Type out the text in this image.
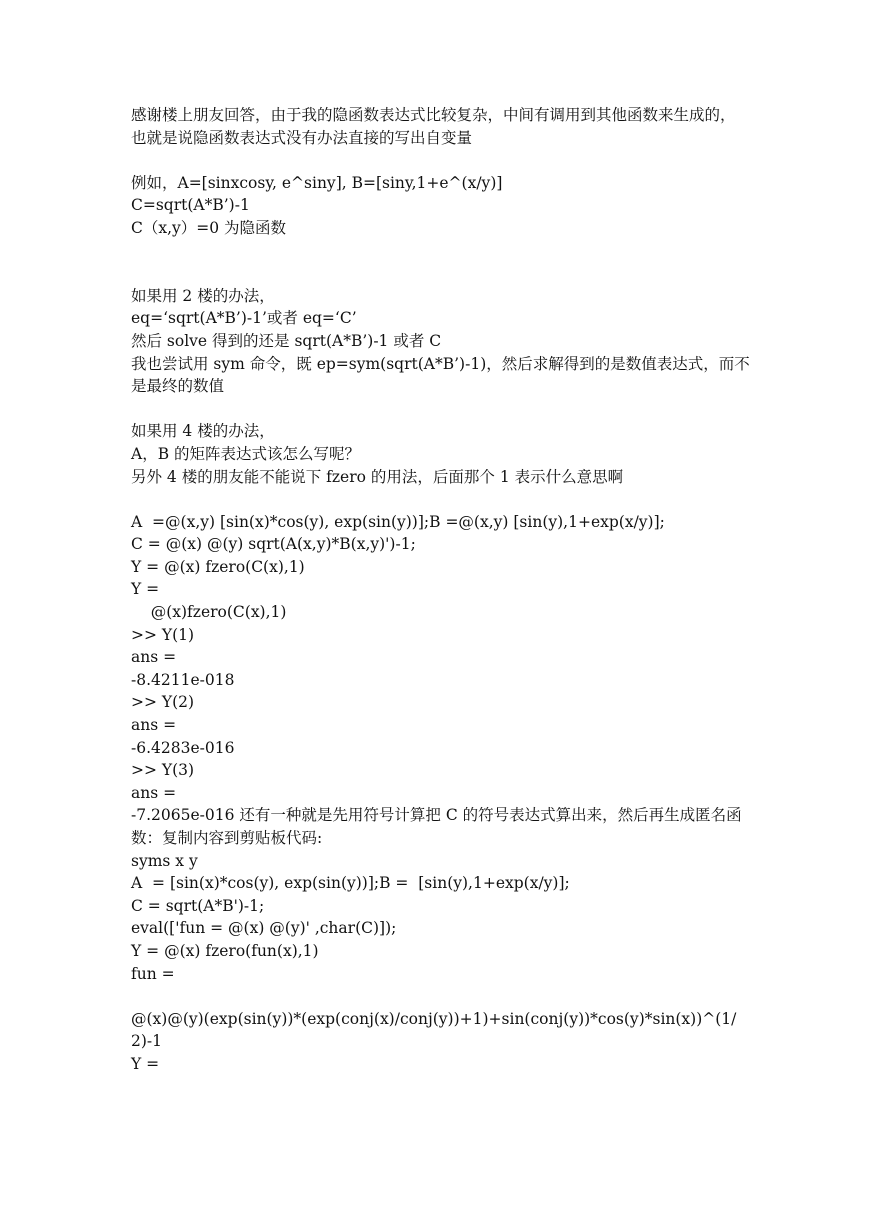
感谢楼上朋友回答，由于我的隐函数表达式比较复杂，中间有调用到其他函数来生成的，
也就是说隐函数表达式没有办法直接的写出自变量
例如，A=[sinxcosy, e^siny], B=[siny,1+e^(x/y)]
C=sqrt(A*B’)-1
C（x,y）=0 为隐函数
如果用 2 楼的办法，
eq=‘sqrt(A*B’)-1’或者 eq=‘C’
然后 solve 得到的还是 sqrt(A*B’)-1 或者 C
我也尝试用 sym 命令，既 ep=sym(sqrt(A*B’)-1)，然后求解得到的是数值表达式，而不是最终的数值
如果用 4 楼的办法，
A，B 的矩阵表达式该怎么写呢？
另外 4 楼的朋友能不能说下 fzero 的用法，后面那个 1 表示什么意思啊
A  =@(x,y) [sin(x)*cos(y), exp(sin(y))];B =@(x,y) [sin(y),1+exp(x/y)];
C = @(x) @(y) sqrt(A(x,y)*B(x,y)')-1;
Y = @(x) fzero(C(x),1)
Y =
@(x)fzero(C(x),1)
>> Y(1)
ans =
-8.4211e-018
>> Y(2)
ans =
-6.4283e-016
>> Y(3)
ans =
-7.2065e-016 还有一种就是先用符号计算把 C 的符号表达式算出来，然后再生成匿名函数：复制内容到剪贴板代码:
syms x y
A  = [sin(x)*cos(y), exp(sin(y))];B =  [sin(y),1+exp(x/y)];
C = sqrt(A*B')-1;
eval(['fun = @(x) @(y)' ,char(C)]);
Y = @(x) fzero(fun(x),1)
fun =
@(x)@(y)(exp(sin(y))*(exp(conj(x)/conj(y))+1)+sin(conj(y))*cos(y)*sin(x))^(1/2)-1
Y =
